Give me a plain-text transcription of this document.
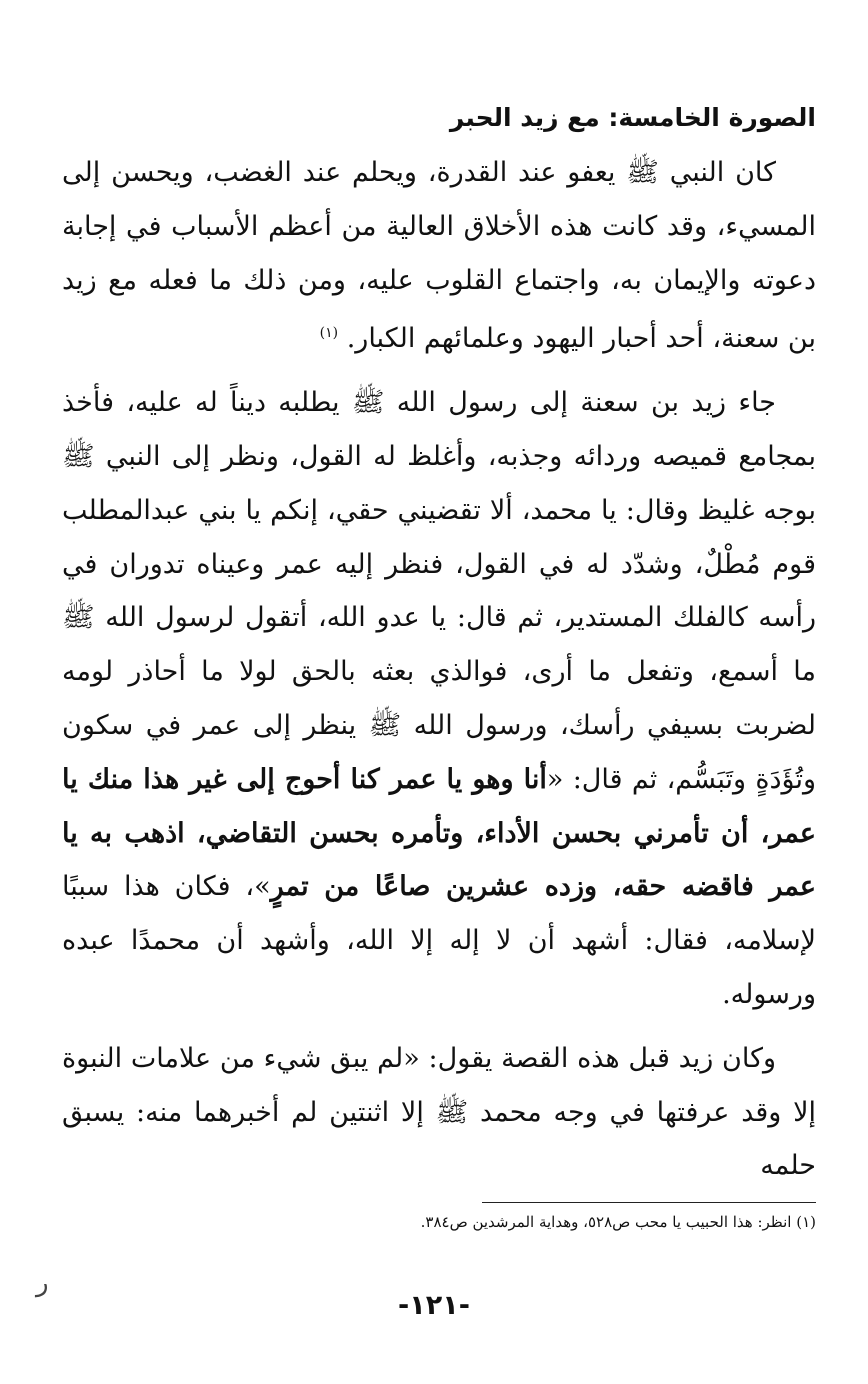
الصورة الخامسة: مع زيد الحبر

كان النبي ﷺ يعفو عند القدرة، ويحلم عند الغضب، ويحسن إلى المسيء، وقد كانت هذه الأخلاق العالية من أعظم الأسباب في إجابة دعوته والإيمان به، واجتماع القلوب عليه، ومن ذلك ما فعله مع زيد بن سعنة، أحد أحبار اليهود وعلمائهم الكبار. $^{(١)}$

جاء زيد بن سعنة إلى رسول الله ﷺ يطلبه ديناً له عليه، فأخذ بمجامع قميصه وردائه وجذبه، وأغلظ له القول، ونظر إلى النبي ﷺ بوجه غليظ وقال: يا محمد، ألا تقضيني حقي، إنكم يا بني عبدالمطلب قوم مُطْلٌ، وشدّد له في القول، فنظر إليه عمر وعيناه تدوران في رأسه كالفلك المستدير، ثم قال: يا عدو الله، أتقول لرسول الله ﷺ ما أسمع، وتفعل ما أرى، فوالذي بعثه بالحق لولا ما أحاذر لومه لضربت بسيفي رأسك، ورسول الله ﷺ ينظر إلى عمر في سكون وتُؤَدَةٍ وتَبَسُّم، ثم قال: «أنا وهو يا عمر كنا أحوج إلى غير هذا منك يا عمر، أن تأمرني بحسن الأداء، وتأمره بحسن التقاضي، اذهب به يا عمر فاقضه حقه، وزده عشرين صاعًا من تمرٍ»، فكان هذا سببًا لإسلامه، فقال: أشهد أن لا إله إلا الله، وأشهد أن محمدًا عبده ورسوله.

وكان زيد قبل هذه القصة يقول: «لم يبق شيء من علامات النبوة إلا وقد عرفتها في وجه محمد ﷺ إلا اثنتين لم أخبرهما منه: يسبق حلمه

(١) انظر: هذا الحبيب يا محب ص٥٢٨، وهداية المرشدين ص٣٨٤.
ﺭ
-١٢١-
